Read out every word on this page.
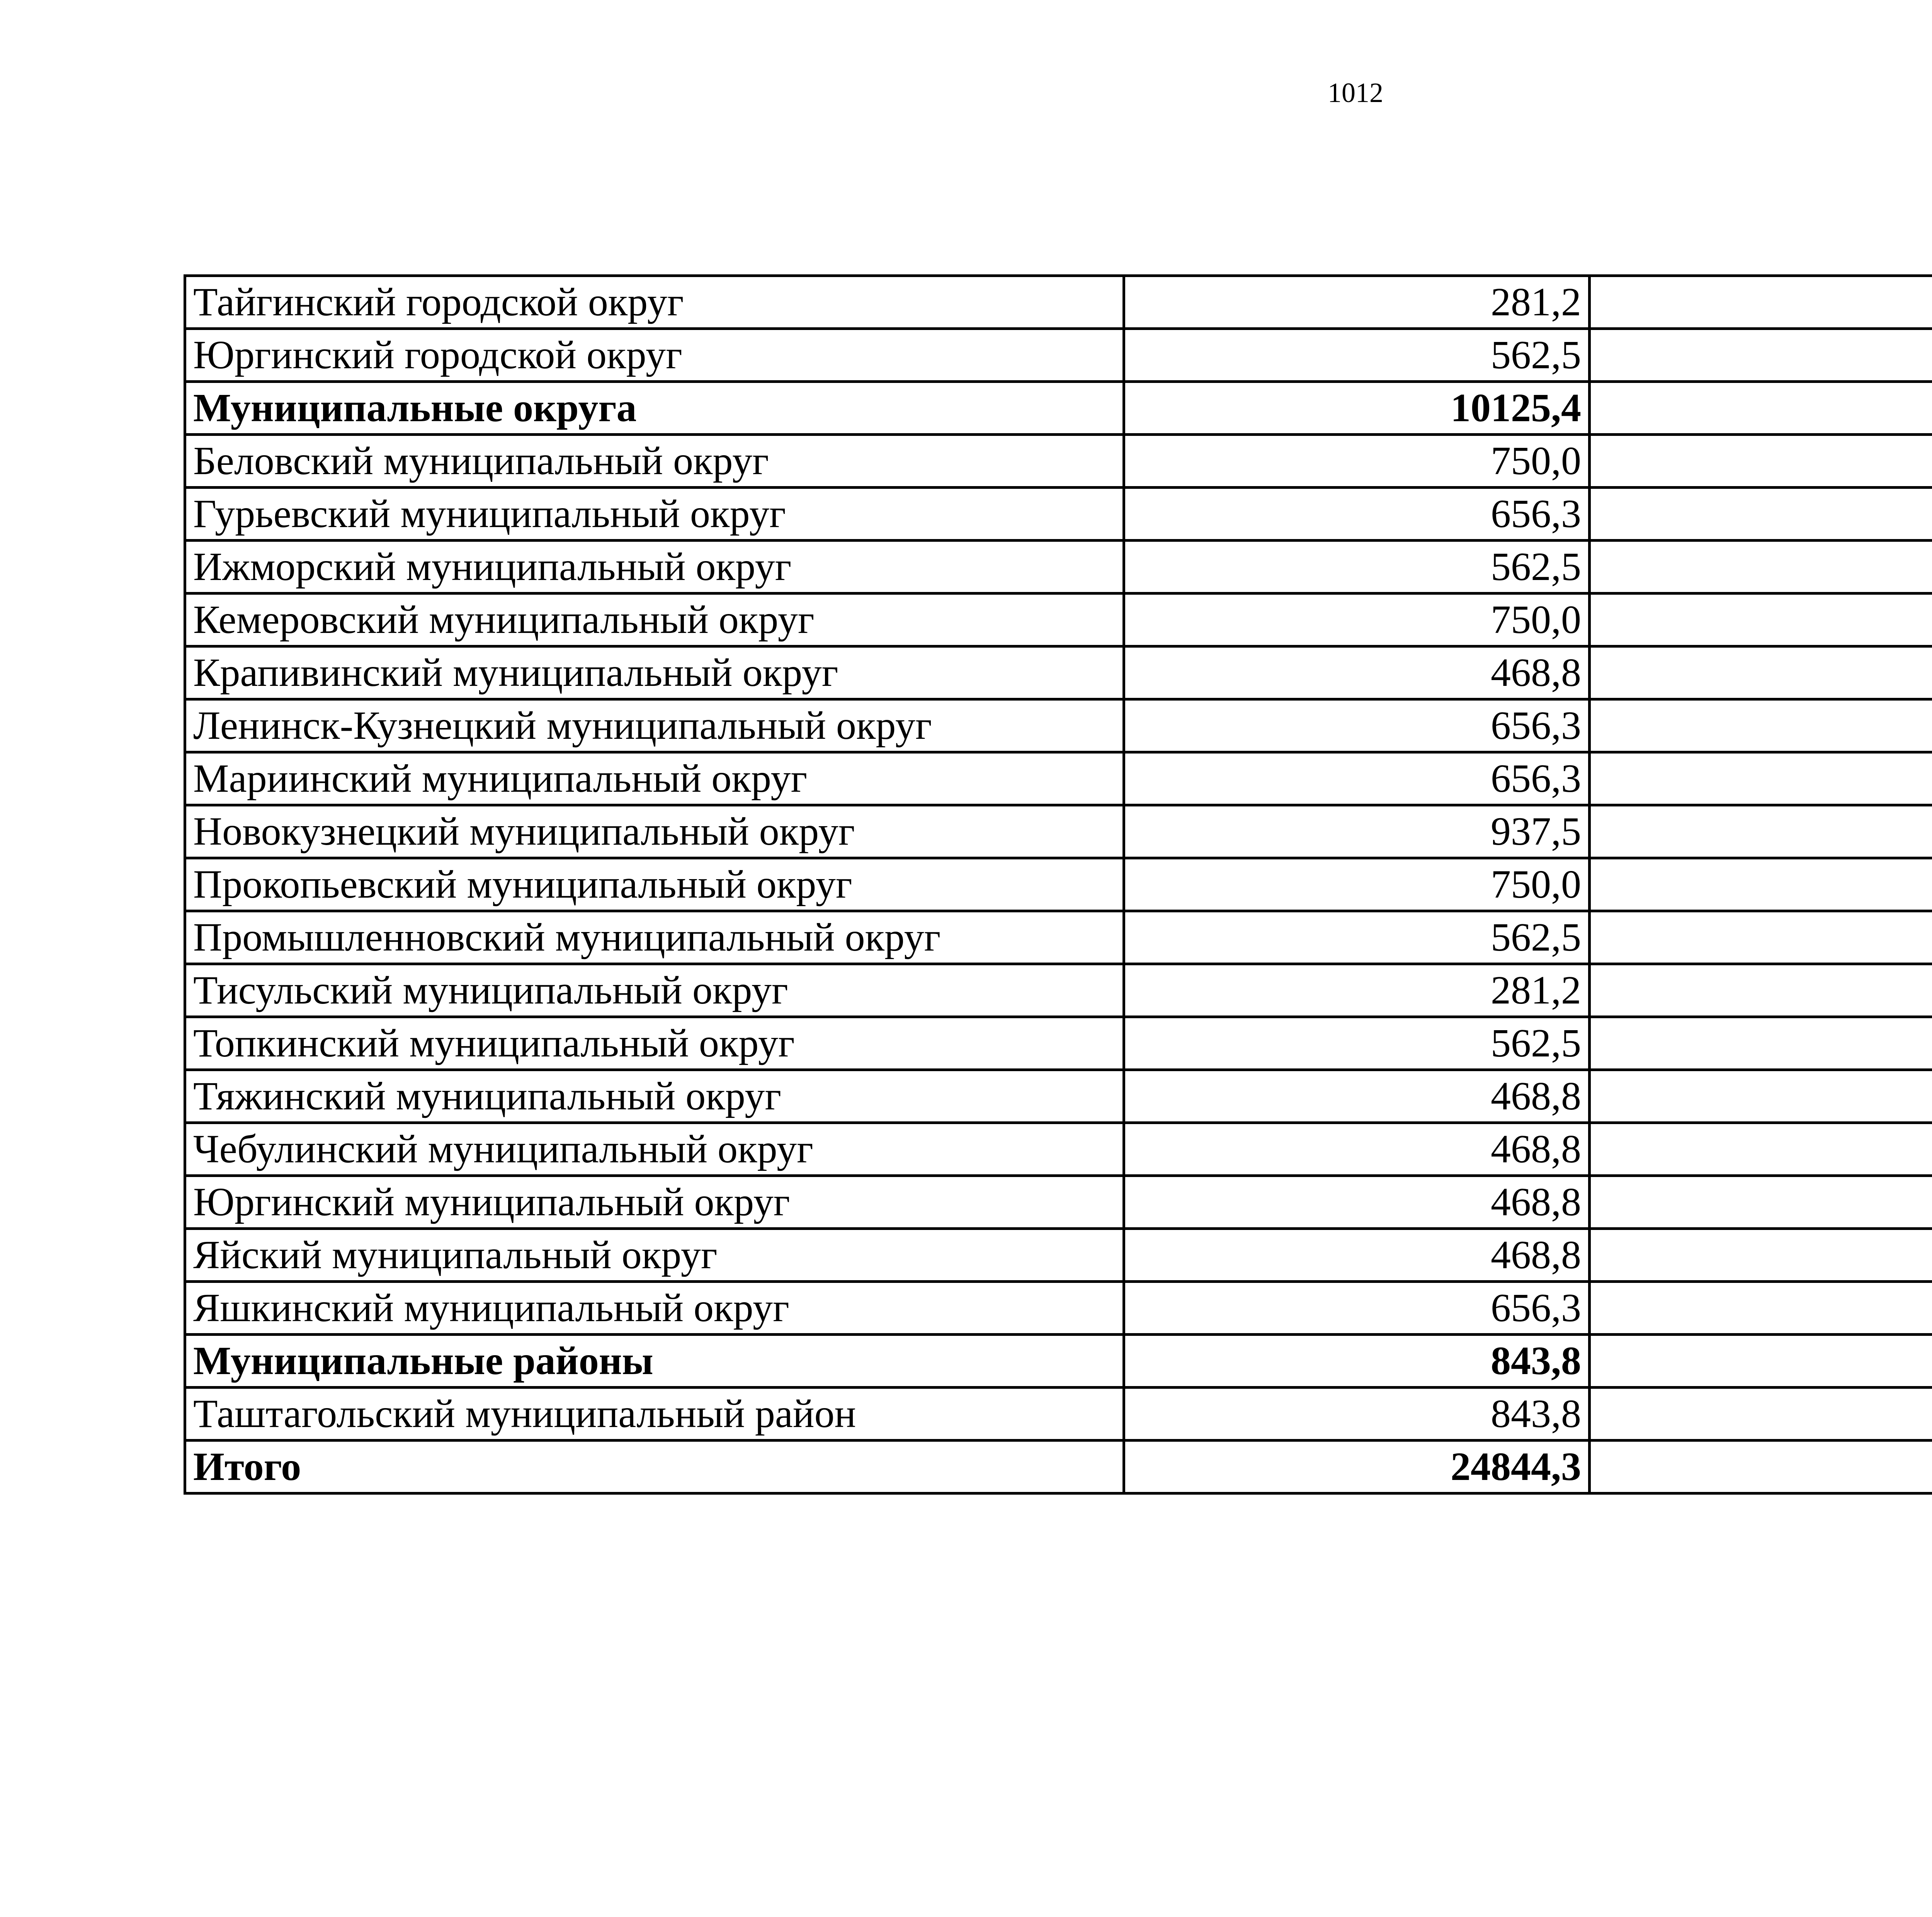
1012
Тайгинский городской округ	281,2	
Юргинский городской округ	562,5	
Муниципальные округа	10125,4	
Беловский муниципальный округ	750,0	
Гурьевский муниципальный округ	656,3	
Ижморский муниципальный округ	562,5	
Кемеровский муниципальный округ	750,0	
Крапивинский муниципальный округ	468,8	
Ленинск-Кузнецкий муниципальный округ	656,3	
Мариинский муниципальный округ	656,3	
Новокузнецкий муниципальный округ	937,5	
Прокопьевский муниципальный округ	750,0	
Промышленновский муниципальный округ	562,5	
Тисульский муниципальный округ	281,2	
Топкинский муниципальный округ	562,5	
Тяжинский муниципальный округ	468,8	
Чебулинский муниципальный округ	468,8	
Юргинский муниципальный округ	468,8	
Яйский муниципальный округ	468,8	
Яшкинский муниципальный округ	656,3	
Муниципальные районы	843,8	
Таштагольский муниципальный район	843,8	
Итого	24844,3	
